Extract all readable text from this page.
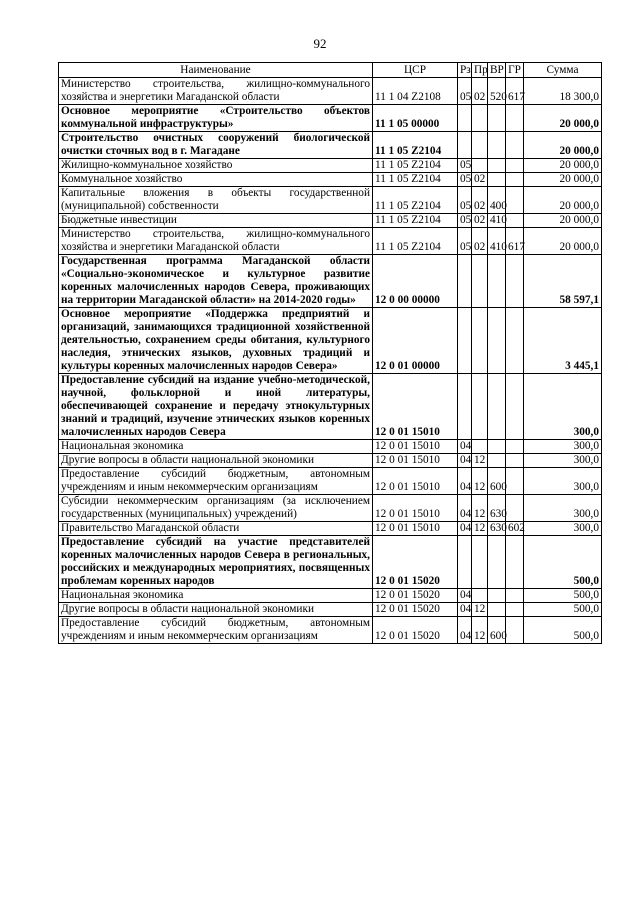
92
Наименование	ЦСР	Рз	Пр	ВР	ГР	Сумма
Министерство строительства, жилищно-коммунального хозяйства и энергетики Магаданской области	11 1 04 Z2108	05	02	520	617	18 300,0
Основное мероприятие «Строительство объектов коммунальной инфраструктуры»	11 1 05 00000					20 000,0
Строительство очистных сооружений биологической очистки сточных вод в г. Магадане	11 1 05 Z2104					20 000,0
Жилищно-коммунальное хозяйство	11 1 05 Z2104	05				20 000,0
Коммунальное хозяйство	11 1 05 Z2104	05	02			20 000,0
Капитальные вложения в объекты государственной (муниципальной) собственности	11 1 05 Z2104	05	02	400		20 000,0
Бюджетные инвестиции	11 1 05 Z2104	05	02	410		20 000,0
Министерство строительства, жилищно-коммунального хозяйства и энергетики Магаданской области	11 1 05 Z2104	05	02	410	617	20 000,0
Государственная программа Магаданской области «Социально-экономическое и культурное развитие коренных малочисленных народов Севера, проживающих на территории Магаданской области» на 2014-2020 годы»	12 0 00 00000					58 597,1
Основное мероприятие «Поддержка предприятий и организаций, занимающихся традиционной хозяйственной деятельностью, сохранением среды обитания, культурного наследия, этнических языков, духовных традиций и культуры коренных малочисленных народов Севера»	12 0 01 00000					3 445,1
Предоставление субсидий на издание учебно-методической, научной, фольклорной и иной литературы, обеспечивающей сохранение и передачу этнокультурных знаний и традиций, изучение этнических языков коренных малочисленных народов Севера	12 0 01 15010					300,0
Национальная экономика	12 0 01 15010	04				300,0
Другие вопросы в области национальной экономики	12 0 01 15010	04	12			300,0
Предоставление субсидий бюджетным, автономным учреждениям и иным некоммерческим организациям	12 0 01 15010	04	12	600		300,0
Субсидии некоммерческим организациям (за исключением государственных (муниципальных) учреждений)	12 0 01 15010	04	12	630		300,0
Правительство Магаданской области	12 0 01 15010	04	12	630	602	300,0
Предоставление субсидий на участие представителей коренных малочисленных народов Севера в региональных, российских и международных мероприятиях, посвященных проблемам коренных народов	12 0 01 15020					500,0
Национальная экономика	12 0 01 15020	04				500,0
Другие вопросы в области национальной экономики	12 0 01 15020	04	12			500,0
Предоставление субсидий бюджетным, автономным учреждениям и иным некоммерческим организациям	12 0 01 15020	04	12	600		500,0
